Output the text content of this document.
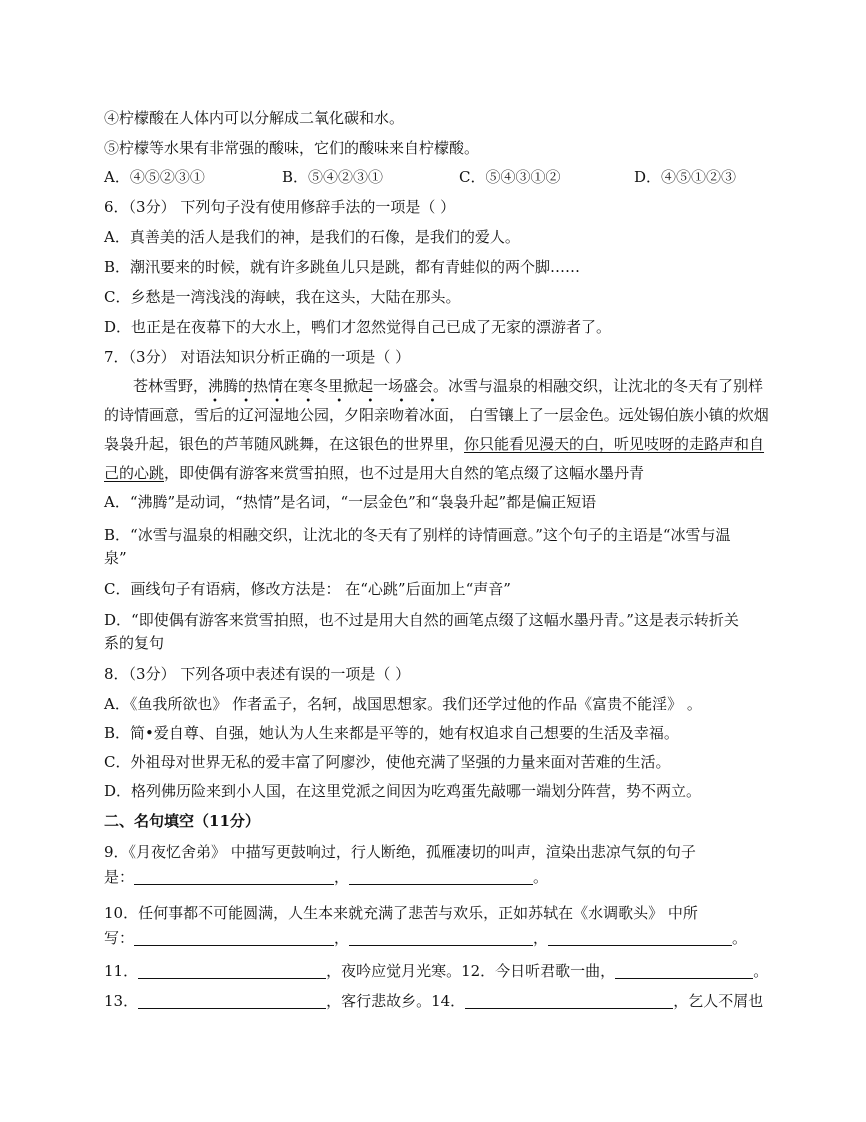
④柠檬酸在人体内可以分解成二氧化碳和水。
⑤柠檬等水果有非常强的酸味，它们的酸味来自柠檬酸。
A．④⑤②③①	B．⑤④②③①	C．⑤④③①②	D．④⑤①②③
6．（3分） 下列句子没有使用修辞手法的一项是（ ）
A．真善美的活人是我们的神，是我们的石像，是我们的爱人。
B．潮汛要来的时候，就有许多跳鱼儿只是跳，都有青蛙似的两个脚……
C．乡愁是一湾浅浅的海峡，我在这头，大陆在那头。
D．也正是在夜幕下的大水上，鸭们才忽然觉得自己已成了无家的漂游者了。
7．（3分） 对语法知识分析正确的一项是（ ）
苍林雪野，沸腾的热情在寒冬里掀起一场盛会。冰雪与温泉的相融交织，让沈北的冬天有了别样
• • • • • • • •
的诗情画意，雪后的辽河湿地公园，夕阳亲吻着冰面， 白雪镶上了一层金色。远处锡伯族小镇的炊烟
袅袅升起，银色的芦苇随风跳舞，在这银色的世界里，你只能看见漫天的白，听见吱呀的走路声和自
己的心跳，即使偶有游客来赏雪拍照，也不过是用大自然的笔点缀了这幅水墨丹青
A．“沸腾”是动词，“热情”是名词，“一层金色”和“袅袅升起”都是偏正短语
B．“冰雪与温泉的相融交织，让沈北的冬天有了别样的诗情画意。”这个句子的主语是“冰雪与温
泉”
C．画线句子有语病，修改方法是： 在“心跳”后面加上“声音”
D．“即使偶有游客来赏雪拍照，也不过是用大自然的画笔点缀了这幅水墨丹青。”这是表示转折关
系的复句
8．（3分） 下列各项中表述有误的一项是（ ）
A．《鱼我所欲也》 作者孟子，名轲，战国思想家。我们还学过他的作品《富贵不能淫》 。
B．简•爱自尊、自强，她认为人生来都是平等的，她有权追求自己想要的生活及幸福。
C．外祖母对世界无私的爱丰富了阿廖沙，使他充满了坚强的力量来面对苦难的生活。
D．格列佛历险来到小人国，在这里党派之间因为吃鸡蛋先敲哪一端划分阵营，势不两立。
二、名句填空（11分）
9．《月夜忆舍弟》 中描写更鼓响过，行人断绝，孤雁凄切的叫声，渲染出悲凉气氛的句子
是：	，	。
10．任何事都不可能圆满，人生本来就充满了悲苦与欢乐，正如苏轼在《水调歌头》 中所
写：	，	，	。
11．	，夜吟应觉月光寒。12．今日听君歌一曲，	。
13．	，客行悲故乡。14．	，乞人不屑也
